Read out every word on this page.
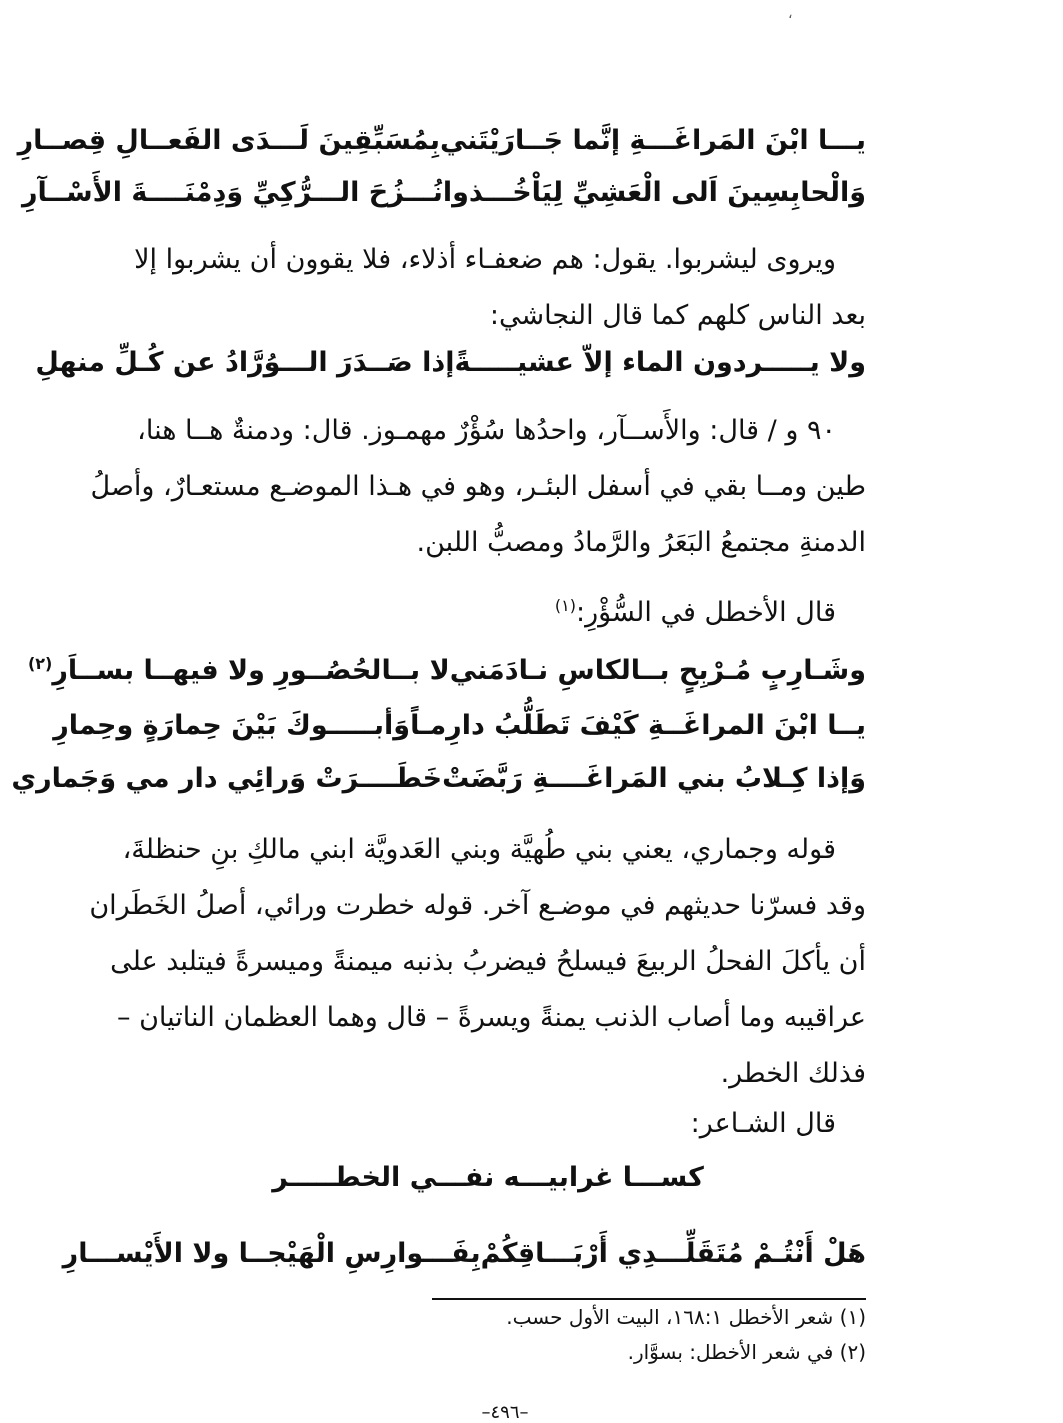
،
يـــا ابْنَ المَراغَـــةِ إنَّما جَــارَيْتَني
بِمُسَبِّقِينَ لَـــدَى الفَعــالِ قِصــارِ
وَالْحابِسِينَ اَلى الْعَشِيِّ لِيَاْخُـــذوا
نُـــزُحَ الـــرُّكِيِّ وَدِمْنَــــةَ الأَسْــآرِ
ويروى ليشربوا. يقول: هم ضعفـاء أذلاء، فلا يقوون أن يشربوا إلا
بعد الناس كلهم كما قال النجاشي:
ولا يـــــردون الماء إلاّ عشيـــــةً
إذا صَــدَرَ الـــوُرَّادُ عن كُـلِّ منهلِ
٩٠ و / قال: والأَســآر، واحدُها سُؤْرٌ مهمـوز. قال: ودمنةٌ هــا هنا،
طين ومــا بقي في أسفل البئـر، وهو في هـذا الموضـع مستعـارٌ، وأصلُ
الدمنةِ مجتمعُ البَعَرُ والرَّمادُ ومصبُّ اللبن.
قال الأخطل في السُّؤْرِ:$^{(١)}$
وشَـارِبٍ مُـرْبِحٍ بــالكاسِ نـادَمَني
لا بــالحُصُــورِ ولا فيهــا بســاَرِ$^{(٢)}$
يــا ابْنَ المراغَــةِ كَيْفَ تَطَلُّبُ دارِمـاً
وَأبـــــوكَ بَيْنَ حِمارَةٍ وحِمارِ
وَإذا كِـلابُ بني المَراغَــــةِ رَبَّضَتْ
خَطَــــرَتْ وَرائِي دار مي وَجَماري
قوله وجماري، يعني بني طُهيَّة وبني العَدويَّة ابني مالكِ بنِ حنظلةَ،
وقد فسرّنا حديثهم في موضـع آخر. قوله خطرت ورائي، أصلُ الخَطَران
أن يأكلَ الفحلُ الربيعَ فيسلحُ فيضربُ بذنبه ميمنةً وميسرةً فيتلبد على
عراقيبه وما أصاب الذنب يمنةً ويسرةً – قال وهما العظمان الناتيان –
فذلك الخطر.
قال الشـاعر:
كســـا غرابيـــه نفـــي الخطـــــر
هَلْ أَنْتُـمْ مُتَقَلِّـــدِي أَرْبَـــاقِكُمْ
بِفَـــوارِسِ الْهَيْجــا ولا الأَيْســـارِ
(١) شعر الأخطل ١٦٨:١، البيت الأول حسب.
(٢) في شعر الأخطل: بسوَّار.
–٤٩٦–
